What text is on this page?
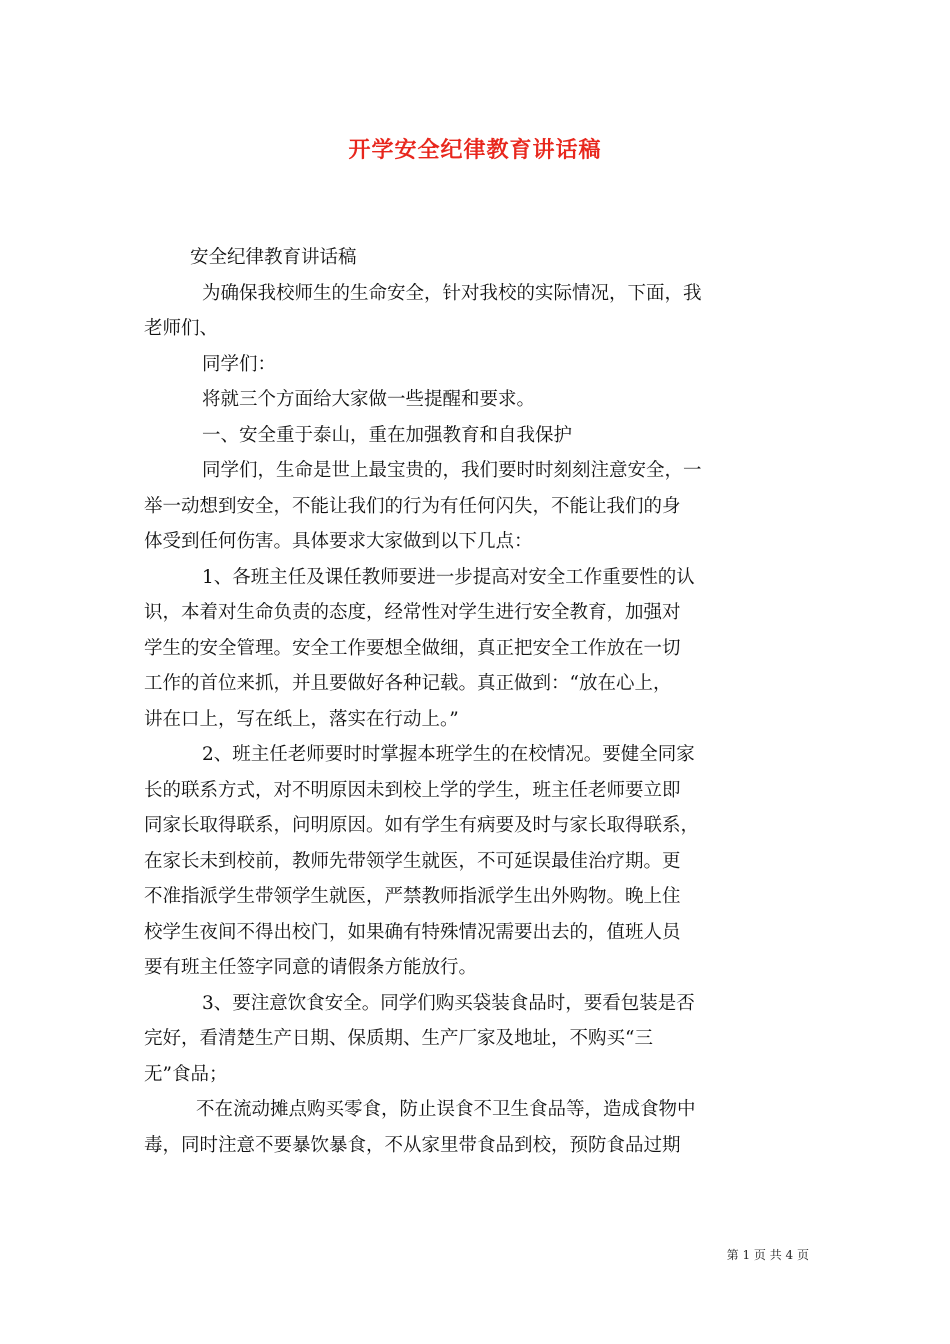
开学安全纪律教育讲话稿
安全纪律教育讲话稿
为确保我校师生的生命安全，针对我校的实际情况，下面，我
老师们、
同学们：
将就三个方面给大家做一些提醒和要求。
一、安全重于泰山，重在加强教育和自我保护
同学们，生命是世上最宝贵的，我们要时时刻刻注意安全，一
举一动想到安全，不能让我们的行为有任何闪失，不能让我们的身
体受到任何伤害。具体要求大家做到以下几点：
1、各班主任及课任教师要进一步提高对安全工作重要性的认
识，本着对生命负责的态度，经常性对学生进行安全教育，加强对
学生的安全管理。安全工作要想全做细，真正把安全工作放在一切
工作的首位来抓，并且要做好各种记载。真正做到：“放在心上，
讲在口上，写在纸上，落实在行动上。”
2、班主任老师要时时掌握本班学生的在校情况。要健全同家
长的联系方式，对不明原因未到校上学的学生，班主任老师要立即
同家长取得联系，问明原因。如有学生有病要及时与家长取得联系，
在家长未到校前，教师先带领学生就医，不可延误最佳治疗期。更
不准指派学生带领学生就医，严禁教师指派学生出外购物。晚上住
校学生夜间不得出校门，如果确有特殊情况需要出去的，值班人员
要有班主任签字同意的请假条方能放行。
3、要注意饮食安全。同学们购买袋装食品时，要看包装是否
完好，看清楚生产日期、保质期、生产厂家及地址，不购买“三
无”食品；
不在流动摊点购买零食，防止误食不卫生食品等，造成食物中
毒，同时注意不要暴饮暴食，不从家里带食品到校，预防食品过期
第 1 页 共 4 页
